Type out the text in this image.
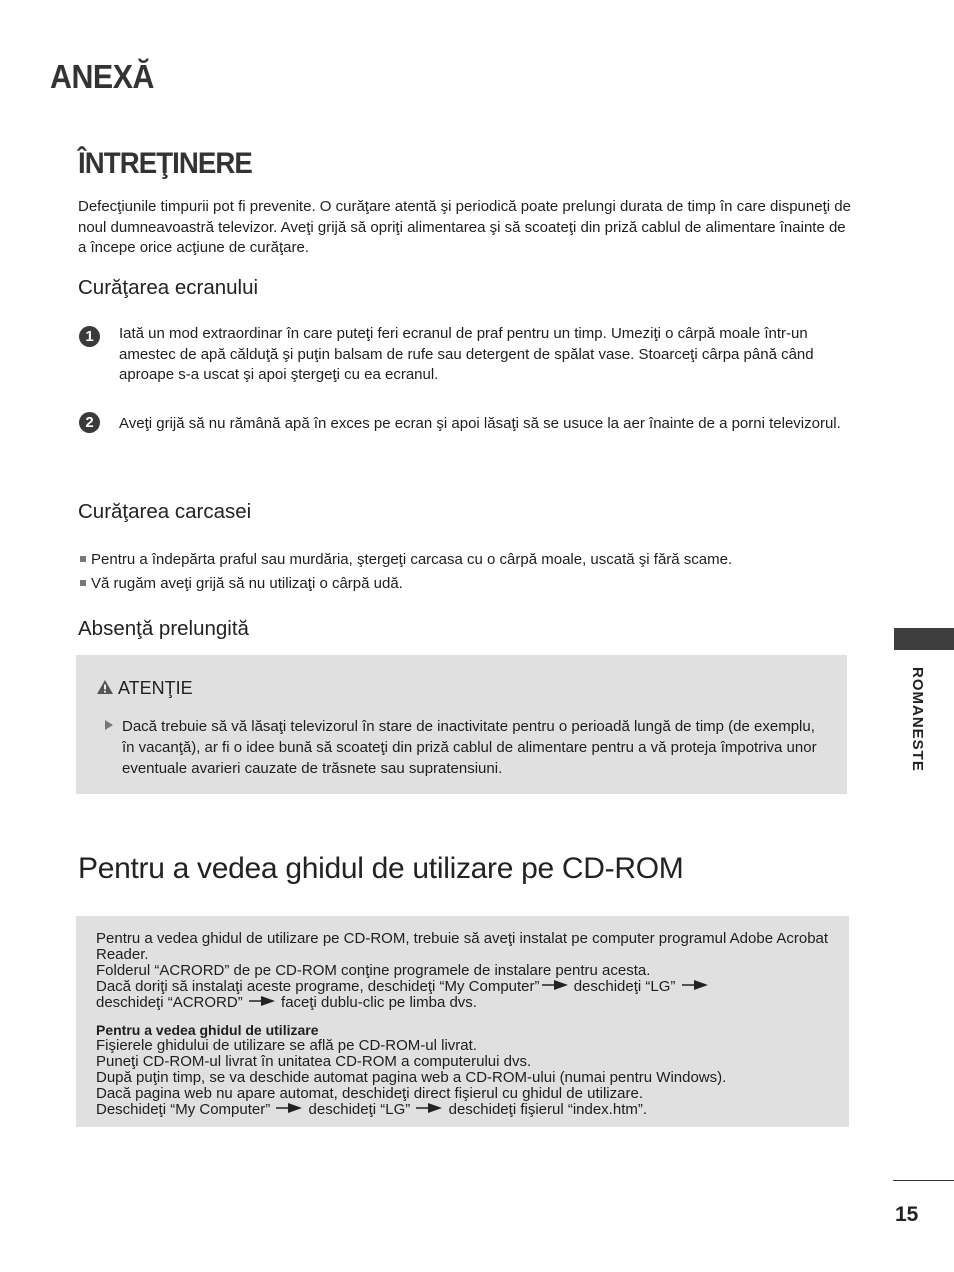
ANEXĂ
ÎNTREŢINERE
Defecţiunile timpurii pot fi prevenite. O curăţare atentă şi periodică poate prelungi durata de timp în care dispuneţi de noul dumneavoastră televizor. Aveţi grijă să opriţi alimentarea şi să scoateţi din priză cablul de alimentare înainte de a începe orice acţiune de curăţare.
Curăţarea ecranului
1	Iată un mod extraordinar în care puteţi feri ecranul de praf pentru un timp. Umeziţi o cârpă moale într-un amestec de apă călduţă şi puţin balsam de rufe sau detergent de spălat vase. Stoarceţi cârpa până când aproape s-a uscat şi apoi ştergeţi cu ea ecranul.
2	Aveţi grijă să nu rămână apă în exces pe ecran şi apoi lăsaţi să se usuce la aer înainte de a porni televizorul.
Curăţarea carcasei
Pentru a îndepărta praful sau murdăria, ştergeţi carcasa cu o cârpă moale, uscată şi fără scame.
Vă rugăm aveţi grijă să nu utilizaţi o cârpă udă.
Absenţă prelungită
ATENŢIE
Dacă trebuie să vă lăsaţi televizorul în stare de inactivitate pentru o perioadă lungă de timp (de exemplu, în vacanţă), ar fi o idee bună să scoateţi din priză cablul de alimentare pentru a vă proteja împotriva unor eventuale avarieri cauzate de trăsnete sau supratensiuni.
Pentru a vedea ghidul de utilizare pe CD-ROM
Pentru a vedea ghidul de utilizare pe CD-ROM, trebuie să aveţi instalat pe computer programul Adobe Acrobat Reader.
Folderul “ACRORD” de pe CD-ROM conţine programele de instalare pentru acesta.
Dacă doriţi să instalaţi aceste programe, deschideţi “My Computer” deschideţi “LG”
deschideţi “ACRORD”  faceţi dublu-clic pe limba dvs.
Pentru a vedea ghidul de utilizare
Fişierele ghidului de utilizare se află pe CD-ROM-ul livrat.
Puneţi CD-ROM-ul livrat în unitatea CD-ROM a computerului dvs.
După puţin timp, se va deschide automat pagina web a CD-ROM-ului (numai pentru Windows).
Dacă pagina web nu apare automat, deschideţi direct fişierul cu ghidul de utilizare.
Deschideţi “My Computer”  deschideţi “LG”  deschideţi fişierul “index.htm”.
ROMANESTE
15
